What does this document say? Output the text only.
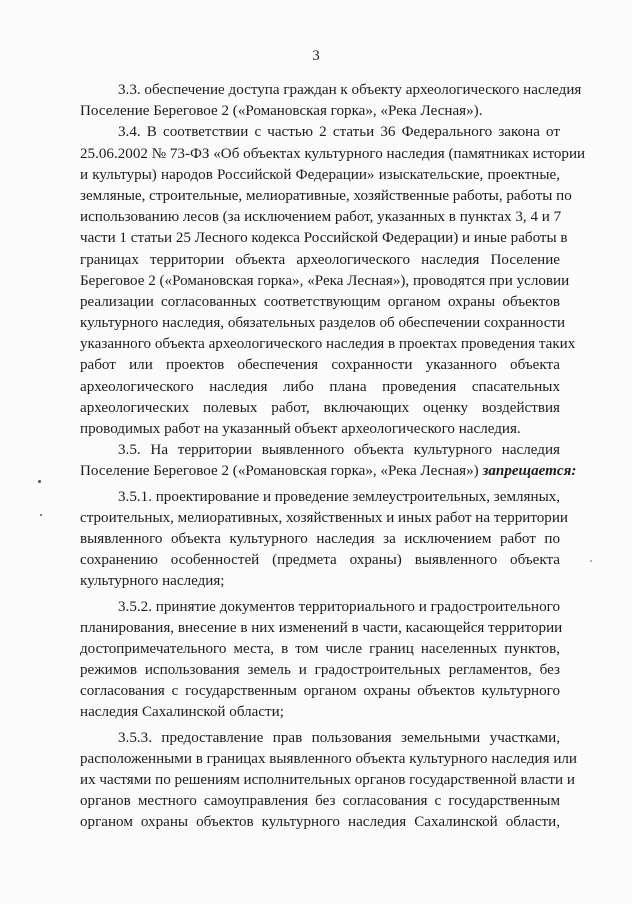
3
3.3. обеспечение доступа граждан к объекту археологического наследия
Поселение Береговое 2 («Романовская горка», «Река Лесная»).
3.4. В соответствии с частью 2 статьи 36 Федерального закона от
25.06.2002 № 73-ФЗ «Об объектах культурного наследия (памятниках истории
и культуры) народов Российской Федерации» изыскательские, проектные,
земляные, строительные, мелиоративные, хозяйственные работы, работы по
использованию лесов (за исключением работ, указанных в пунктах 3, 4 и 7
части 1 статьи 25 Лесного кодекса Российской Федерации) и иные работы в
границах территории объекта археологического наследия Поселение
Береговое 2 («Романовская горка», «Река Лесная»), проводятся при условии
реализации согласованных соответствующим органом охраны объектов
культурного наследия, обязательных разделов об обеспечении сохранности
указанного объекта археологического наследия в проектах проведения таких
работ или проектов обеспечения сохранности указанного объекта
археологического наследия либо плана проведения спасательных
археологических полевых работ, включающих оценку воздействия
проводимых работ на указанный объект археологического наследия.
3.5. На территории выявленного объекта культурного наследия
Поселение Береговое 2 («Романовская горка», «Река Лесная») запрещается:
3.5.1. проектирование и проведение землеустроительных, земляных,
строительных, мелиоративных, хозяйственных и иных работ на территории
выявленного объекта культурного наследия за исключением работ по
сохранению особенностей (предмета охраны) выявленного объекта
культурного наследия;
3.5.2. принятие документов территориального и градостроительного
планирования, внесение в них изменений в части, касающейся территории
достопримечательного места, в том числе границ населенных пунктов,
режимов использования земель и градостроительных регламентов, без
согласования с государственным органом охраны объектов культурного
наследия Сахалинской области;
3.5.3. предоставление прав пользования земельными участками,
расположенными в границах выявленного объекта культурного наследия или
их частями по решениям исполнительных органов государственной власти и
органов местного самоуправления без согласования с государственным
органом охраны объектов культурного наследия Сахалинской области,
